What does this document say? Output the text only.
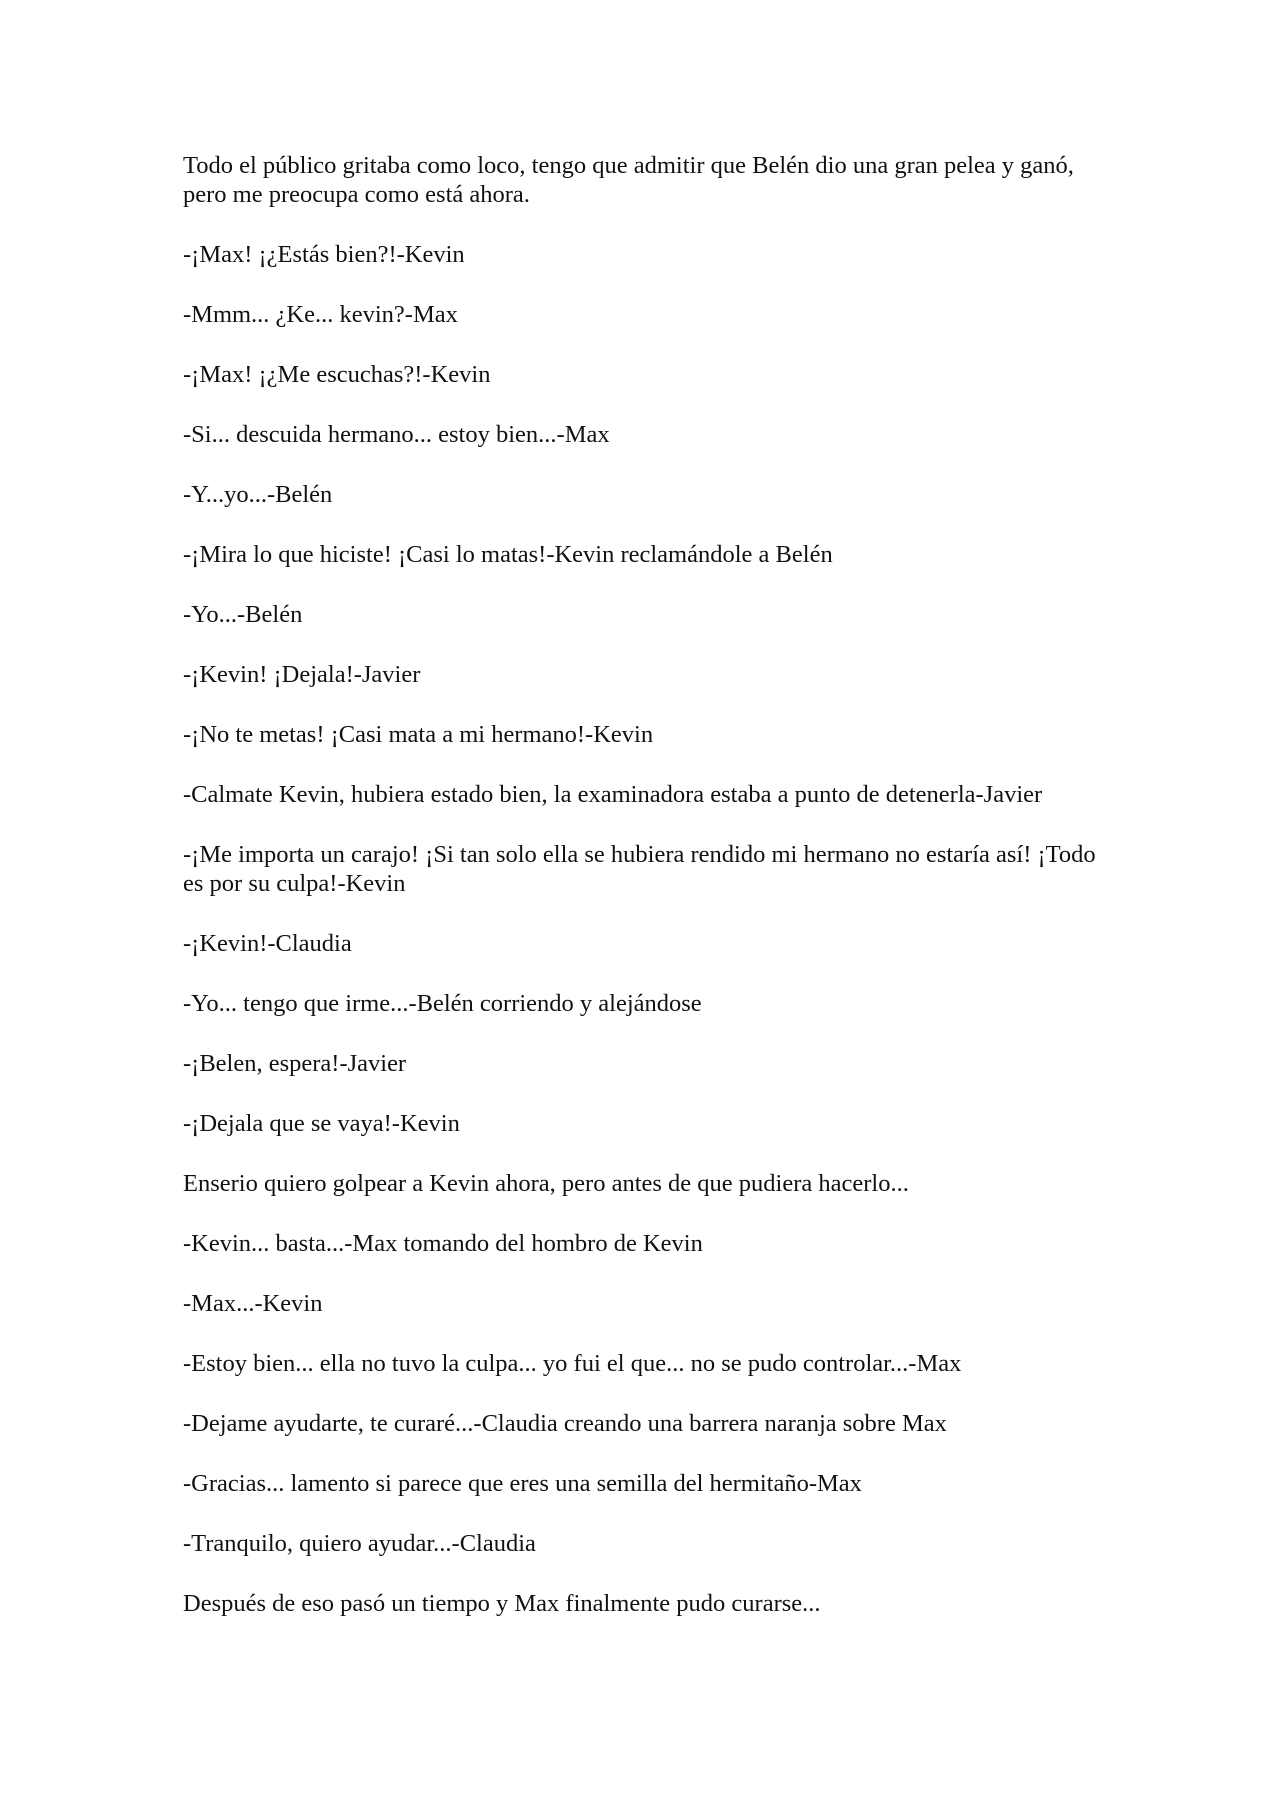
Todo el público gritaba como loco, tengo que admitir que Belén dio una gran pelea y ganó, pero me preocupa como está ahora.

-¡Max! ¡¿Estás bien?!-Kevin

-Mmm... ¿Ke... kevin?-Max

-¡Max! ¡¿Me escuchas?!-Kevin

-Si... descuida hermano... estoy bien...-Max

-Y...yo...-Belén

-¡Mira lo que hiciste! ¡Casi lo matas!-Kevin reclamándole a Belén

-Yo...-Belén

-¡Kevin! ¡Dejala!-Javier

-¡No te metas! ¡Casi mata a mi hermano!-Kevin

-Calmate Kevin, hubiera estado bien, la examinadora estaba a punto de detenerla-Javier

-¡Me importa un carajo! ¡Si tan solo ella se hubiera rendido mi hermano no estaría así! ¡Todo es por su culpa!-Kevin

-¡Kevin!-Claudia

-Yo... tengo que irme...-Belén corriendo y alejándose

-¡Belen, espera!-Javier

-¡Dejala que se vaya!-Kevin

Enserio quiero golpear a Kevin ahora, pero antes de que pudiera hacerlo...

-Kevin... basta...-Max tomando del hombro de Kevin

-Max...-Kevin

-Estoy bien... ella no tuvo la culpa... yo fui el que... no se pudo controlar...-Max

-Dejame ayudarte, te curaré...-Claudia creando una barrera naranja sobre Max

-Gracias... lamento si parece que eres una semilla del hermitaño-Max

-Tranquilo, quiero ayudar...-Claudia

Después de eso pasó un tiempo y Max finalmente pudo curarse...
